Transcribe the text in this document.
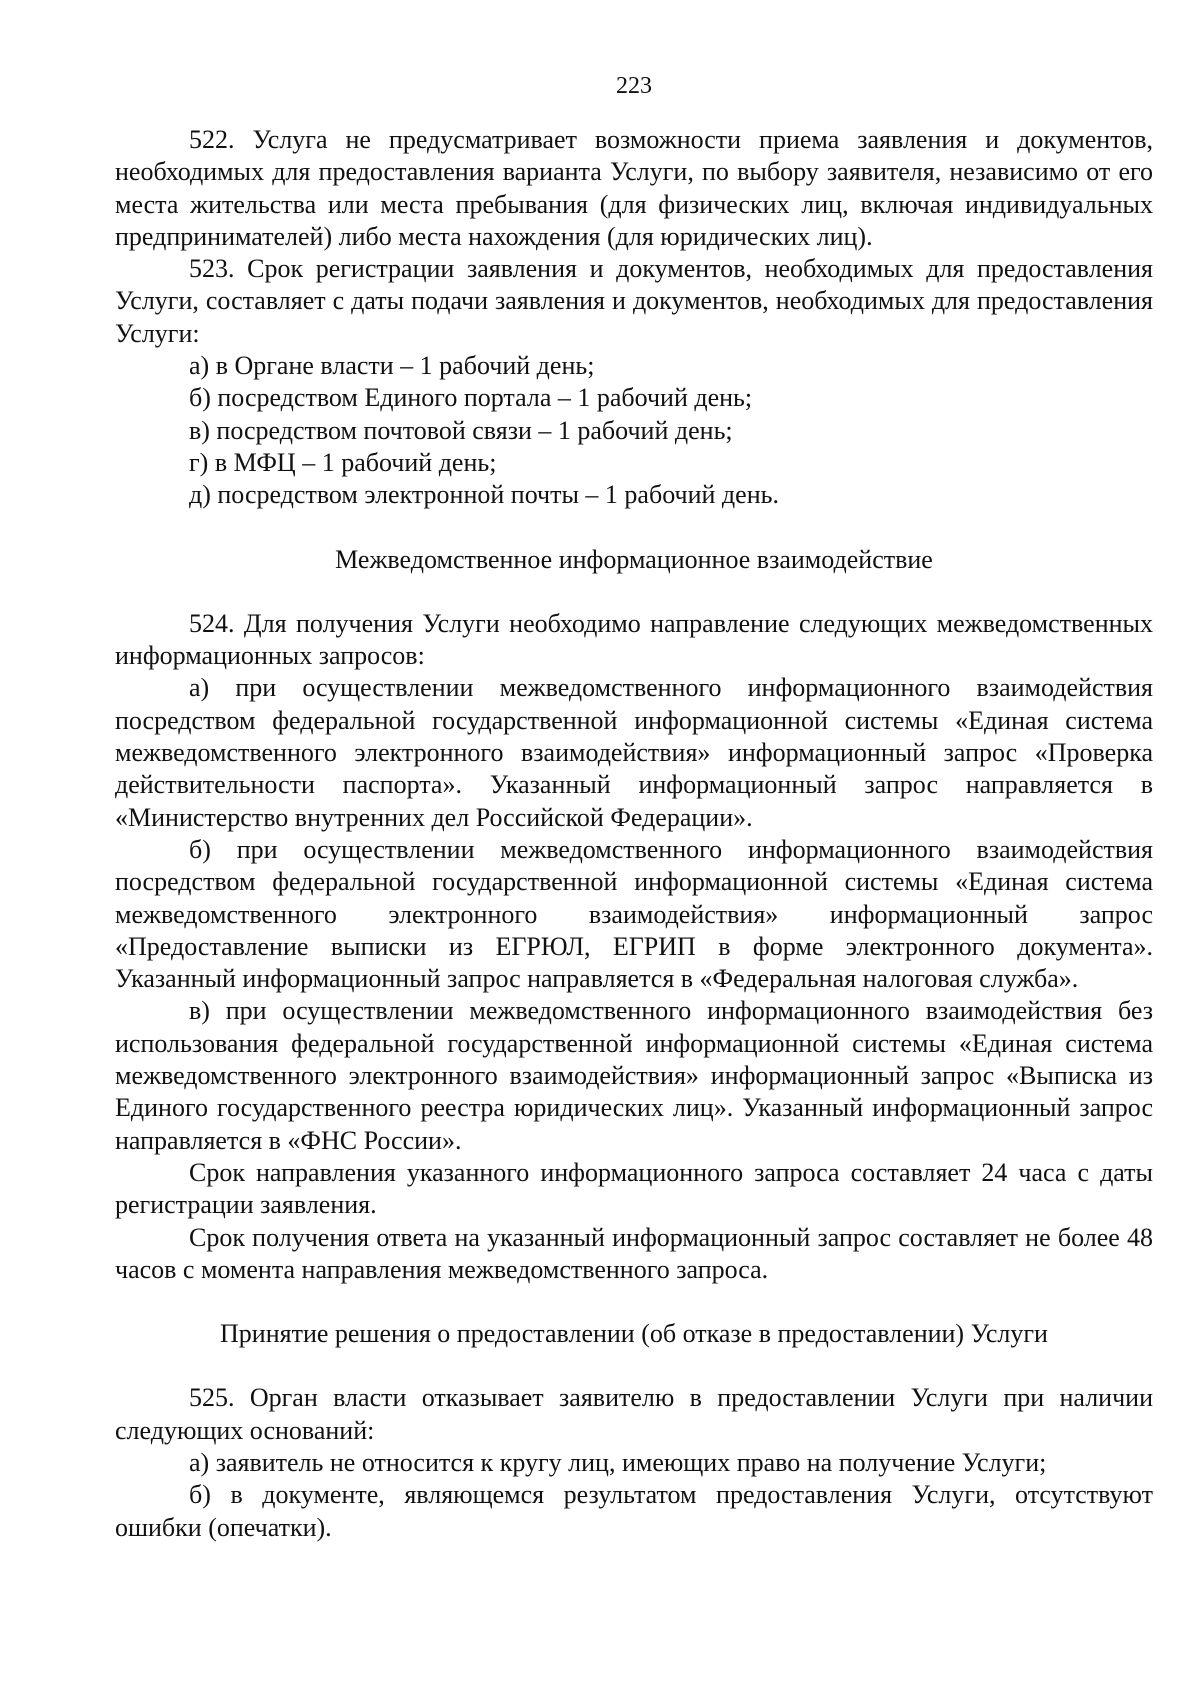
223

522. Услуга не предусматривает возможности приема заявления и документов, необходимых для предоставления варианта Услуги, по выбору заявителя, независимо от его места жительства или места пребывания (для физических лиц, включая индивидуальных предпринимателей) либо места нахождения (для юридических лиц).

523. Срок регистрации заявления и документов, необходимых для предоставления Услуги, составляет с даты подачи заявления и документов, необходимых для предоставления Услуги:

а) в Органе власти – 1 рабочий день;

б) посредством Единого портала – 1 рабочий день;

в) посредством почтовой связи – 1 рабочий день;

г) в МФЦ – 1 рабочий день;

д) посредством электронной почты – 1 рабочий день.

Межведомственное информационное взаимодействие

524. Для получения Услуги необходимо направление следующих межведомственных информационных запросов:

а) при осуществлении межведомственного информационного взаимодействия посредством федеральной государственной информационной системы «Единая система межведомственного электронного взаимодействия» информационный запрос «Проверка действительности паспорта». Указанный информационный запрос направляется в «Министерство внутренних дел Российской Федерации».

б) при осуществлении межведомственного информационного взаимодействия посредством федеральной государственной информационной системы «Единая система межведомственного электронного взаимодействия» информационный запрос «Предоставление выписки из ЕГРЮЛ, ЕГРИП в форме электронного документа». Указанный информационный запрос направляется в «Федеральная налоговая служба».

в) при осуществлении межведомственного информационного взаимодействия без использования федеральной государственной информационной системы «Единая система межведомственного электронного взаимодействия» информационный запрос «Выписка из Единого государственного реестра юридических лиц». Указанный информационный запрос направляется в «ФНС России».

Срок направления указанного информационного запроса составляет 24 часа с даты регистрации заявления.

Срок получения ответа на указанный информационный запрос составляет не более 48 часов с момента направления межведомственного запроса.

Принятие решения о предоставлении (об отказе в предоставлении) Услуги

525. Орган власти отказывает заявителю в предоставлении Услуги при наличии следующих оснований:

а) заявитель не относится к кругу лиц, имеющих право на получение Услуги;

б) в документе, являющемся результатом предоставления Услуги, отсутствуют ошибки (опечатки).
